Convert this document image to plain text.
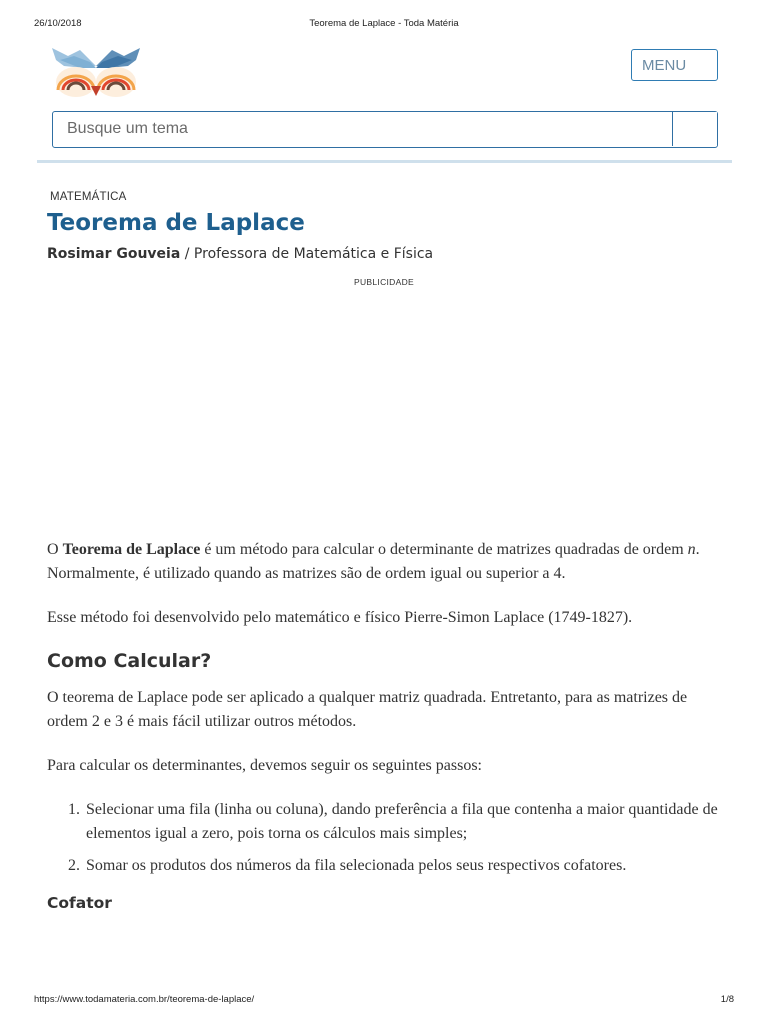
26/10/2018	Teorema de Laplace - Toda Matéria
MENU
Busque um tema
MATEMÁTICA
Teorema de Laplace
Rosimar Gouveia / Professora de Matemática e Física
PUBLICIDADE

O Teorema de Laplace é um método para calcular o determinante de matrizes quadradas de ordem n. Normalmente, é utilizado quando as matrizes são de ordem igual ou superior a 4.

Esse método foi desenvolvido pelo matemático e físico Pierre-Simon Laplace (1749-1827).

Como Calcular?

O teorema de Laplace pode ser aplicado a qualquer matriz quadrada. Entretanto, para as matrizes de ordem 2 e 3 é mais fácil utilizar outros métodos.

Para calcular os determinantes, devemos seguir os seguintes passos:

1. Selecionar uma fila (linha ou coluna), dando preferência a fila que contenha a maior quantidade de elementos igual a zero, pois torna os cálculos mais simples;
2. Somar os produtos dos números da fila selecionada pelos seus respectivos cofatores.
Cofator
https://www.todamateria.com.br/teorema-de-laplace/	1/8
